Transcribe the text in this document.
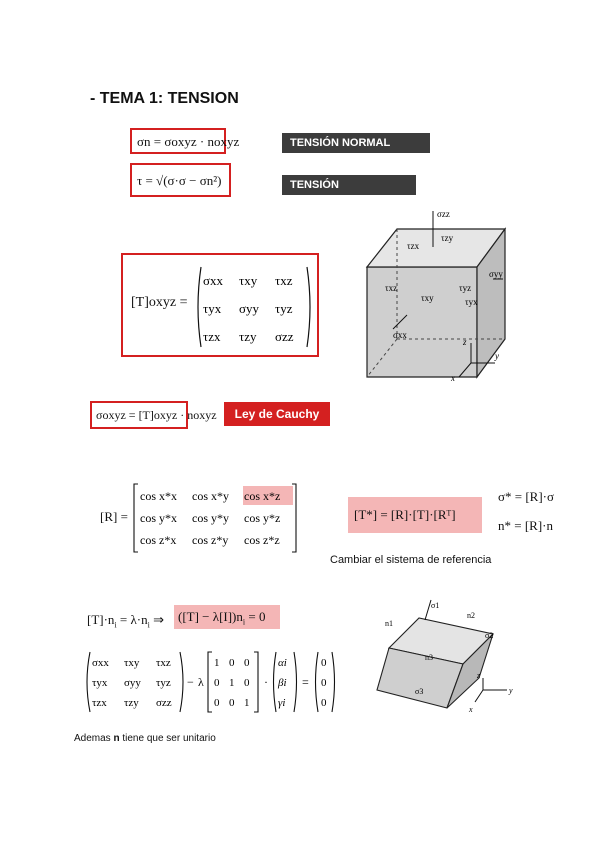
- TEMA 1: TENSION
σn = σoxyz · noxyz	TENSIÓN NORMAL
τ = √(σ·σ − σn²)	TENSIÓN TANGENCIAL
[T]oxyz =
σxx τxy τxz
τyx σyy τyz
τzx τzy σzz
σzz
σyy
σxx
τzx
τzy
τxz
τxy
τyz
τyx
z
y
x
σoxyz = [T]oxyz · noxyz	Ley de Cauchy
[R] =
cos x*x cos x*y cos x*z
cos y*x cos y*y cos y*z
cos z*x cos z*y cos z*z
[T*] = [R]·[T]·[Rᵀ]
σ* = [R]·σ
n* = [R]·n
Cambiar el sistema de referencia
$[T]\cdot n_i = \lambda\cdot n_i$ ⇒ $([T] - \lambda[I])n_i = 0$
σxx τxy τxz
τyx σyy τyz
τzx τzy σzz
− λ
1 0 0
0 1 0
0 0 1
·
αi
βi
γi
=
0
0
0
σ1
σ2
σ3
n1
n2
n3
z
y
x
Ademas n tiene que ser unitario
